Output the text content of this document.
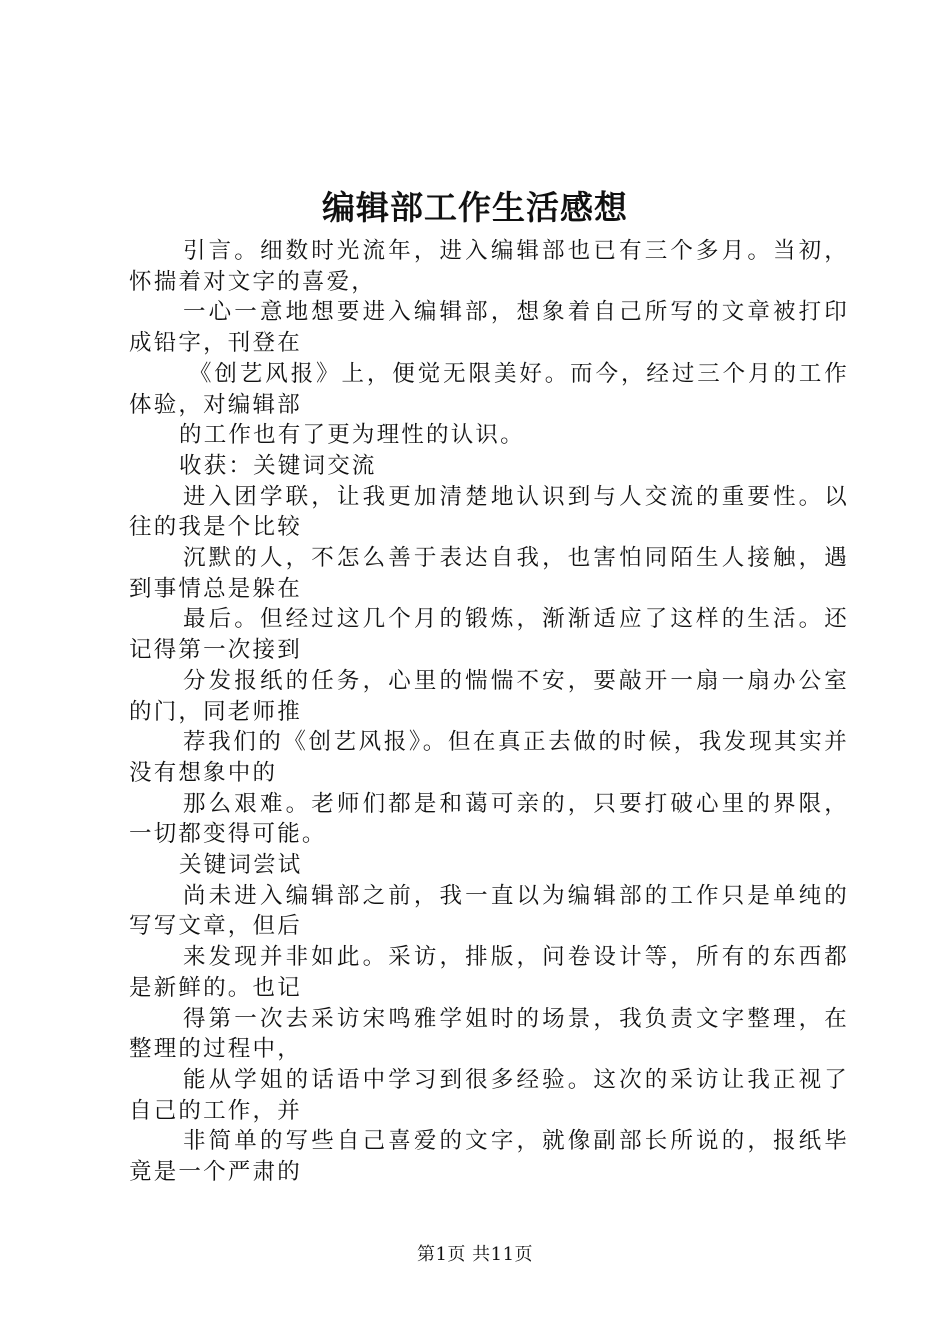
编辑部工作生活感想

引言。细数时光流年，进入编辑部也已有三个多月。当初，怀揣着对文字的喜爱，

一心一意地想要进入编辑部，想象着自己所写的文章被打印成铅字，刊登在

《创艺风报》上，便觉无限美好。而今，经过三个月的工作体验，对编辑部

的工作也有了更为理性的认识。

收获：关键词交流

进入团学联，让我更加清楚地认识到与人交流的重要性。以往的我是个比较

沉默的人，不怎么善于表达自我，也害怕同陌生人接触，遇到事情总是躲在

最后。但经过这几个月的锻炼，渐渐适应了这样的生活。还记得第一次接到

分发报纸的任务，心里的惴惴不安，要敲开一扇一扇办公室的门，同老师推

荐我们的《创艺风报》。但在真正去做的时候，我发现其实并没有想象中的

那么艰难。老师们都是和蔼可亲的，只要打破心里的界限，一切都变得可能。

关键词尝试

尚未进入编辑部之前，我一直以为编辑部的工作只是单纯的写写文章，但后

来发现并非如此。采访，排版，问卷设计等，所有的东西都是新鲜的。也记

得第一次去采访宋鸣雅学姐时的场景，我负责文字整理，在整理的过程中，

能从学姐的话语中学习到很多经验。这次的采访让我正视了自己的工作，并

非简单的写些自己喜爱的文字，就像副部长所说的，报纸毕竟是一个严肃的

第1页 共11页
